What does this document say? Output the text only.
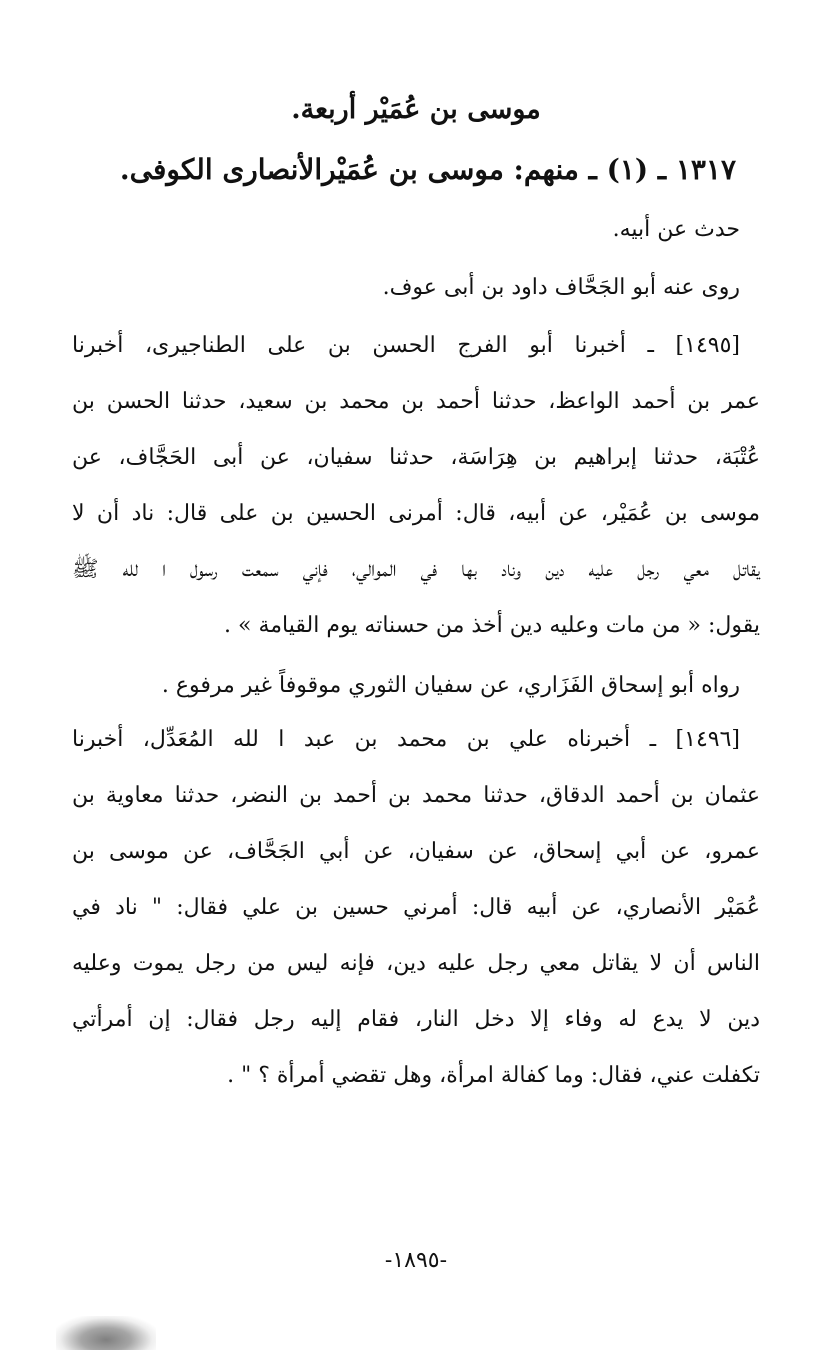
موسى بن عُمَيْر أربعة.
١٣١٧ ـ (١) ـ منهم: موسى بن عُمَيْرالأنصارى الكوفى.

حدث عن أبيه.

روى عنه أبو الجَحَّاف داود بن أبى عوف.

[١٤٩٥] ـ أخبرنا أبو الفرج الحسن بن على الطناجيرى، أخبرنا

عمر بن أحمد الواعظ، حدثنا أحمد بن محمد بن سعيد، حدثنا الحسن بن

عُتْبَة، حدثنا إبراهيم بن هِرَاسَة، حدثنا سفيان، عن أبى الحَجَّاف، عن

موسى بن عُمَيْر، عن أبيه، قال: أمرنى الحسين بن على قال: ناد أن لا

يقاتل معي رجل عليه دين وناد بها في الموالي، فإني سمعت رسول ا لله ﷺ

يقول: « من مات وعليه دين أخذ من حسناته يوم القيامة » .

رواه أبو إسحاق الفَزَاري، عن سفيان الثوري موقوفاً غير مرفوع .

[١٤٩٦] ـ أخبرناه علي بن محمد بن عبد ا لله المُعَدِّل، أخبرنا

عثمان بن أحمد الدقاق، حدثنا محمد بن أحمد بن النضر، حدثنا معاوية بن

عمرو، عن أبي إسحاق، عن سفيان، عن أبي الجَحَّاف، عن موسى بن

عُمَيْر الأنصاري، عن أبيه قال: أمرني حسين بن علي فقال: " ناد في

الناس أن لا يقاتل معي رجل عليه دين، فإنه ليس من رجل يموت وعليه

دين لا يدع له وفاء إلا دخل النار، فقام إليه رجل فقال: إن أمرأتي

تكفلت عني، فقال: وما كفالة امرأة، وهل تقضي أمرأة ؟ " .

-١٨٩٥-
